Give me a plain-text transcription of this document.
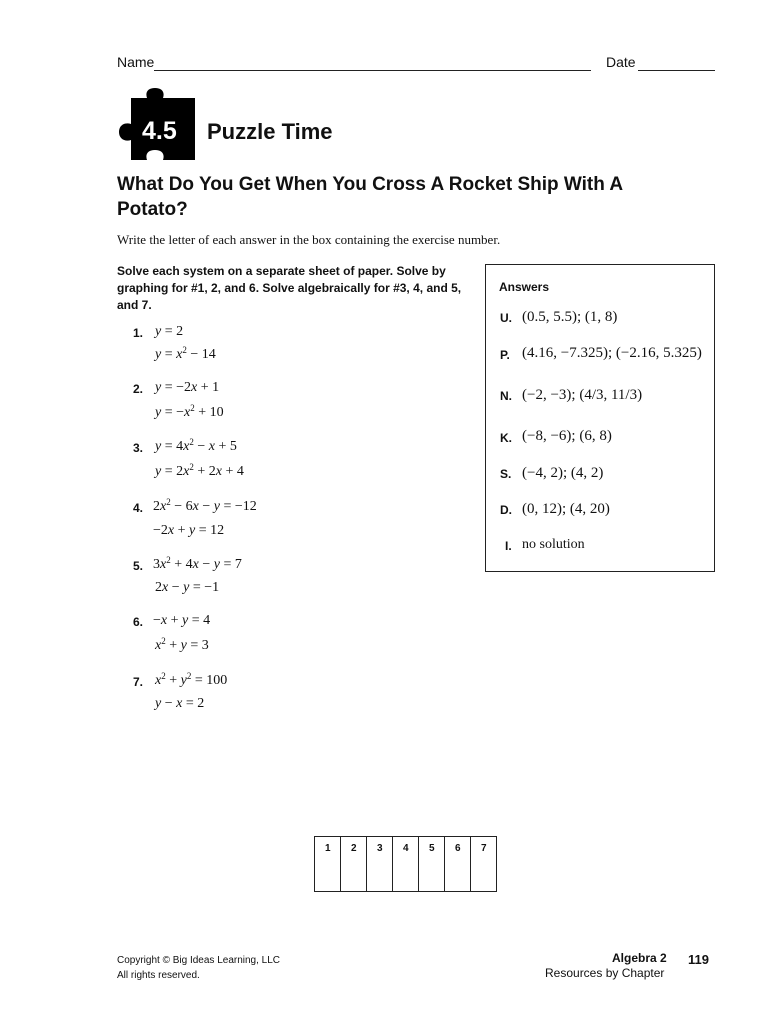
Name	Date
4.5 Puzzle Time
What Do You Get When You Cross A Rocket Ship With A Potato?
Write the letter of each answer in the box containing the exercise number.
Solve each system on a separate sheet of paper. Solve by graphing for #1, 2, and 6. Solve algebraically for #3, 4, and 5, and 7.
1. y = 2
$y = x^2 - 14$
2. y = −2x + 1
$y = -x^2 + 10$
3. $y = 4x^2 - x + 5$
$y = 2x^2 + 2x + 4$
4. $2x^2 - 6x - y = -12$
−2x + y = 12
5. $3x^2 + 4x - y = 7$
2x − y = −1
6. −x + y = 4
$x^2 + y = 3$
7. $x^2 + y^2 = 100$
y − x = 2
Answers
U. (0.5, 5.5); (1, 8)
P. (4.16, −7.325); (−2.16, 5.325)
N. (−2, −3); (4/3, 11/3)
K. (−8, −6); (6, 8)
S. (−4, 2); (4, 2)
D. (0, 12); (4, 20)
I. no solution
1	2	3	4	5	6	7
Copyright © Big Ideas Learning, LLC
All rights reserved.
Algebra 2
Resources by Chapter
119
